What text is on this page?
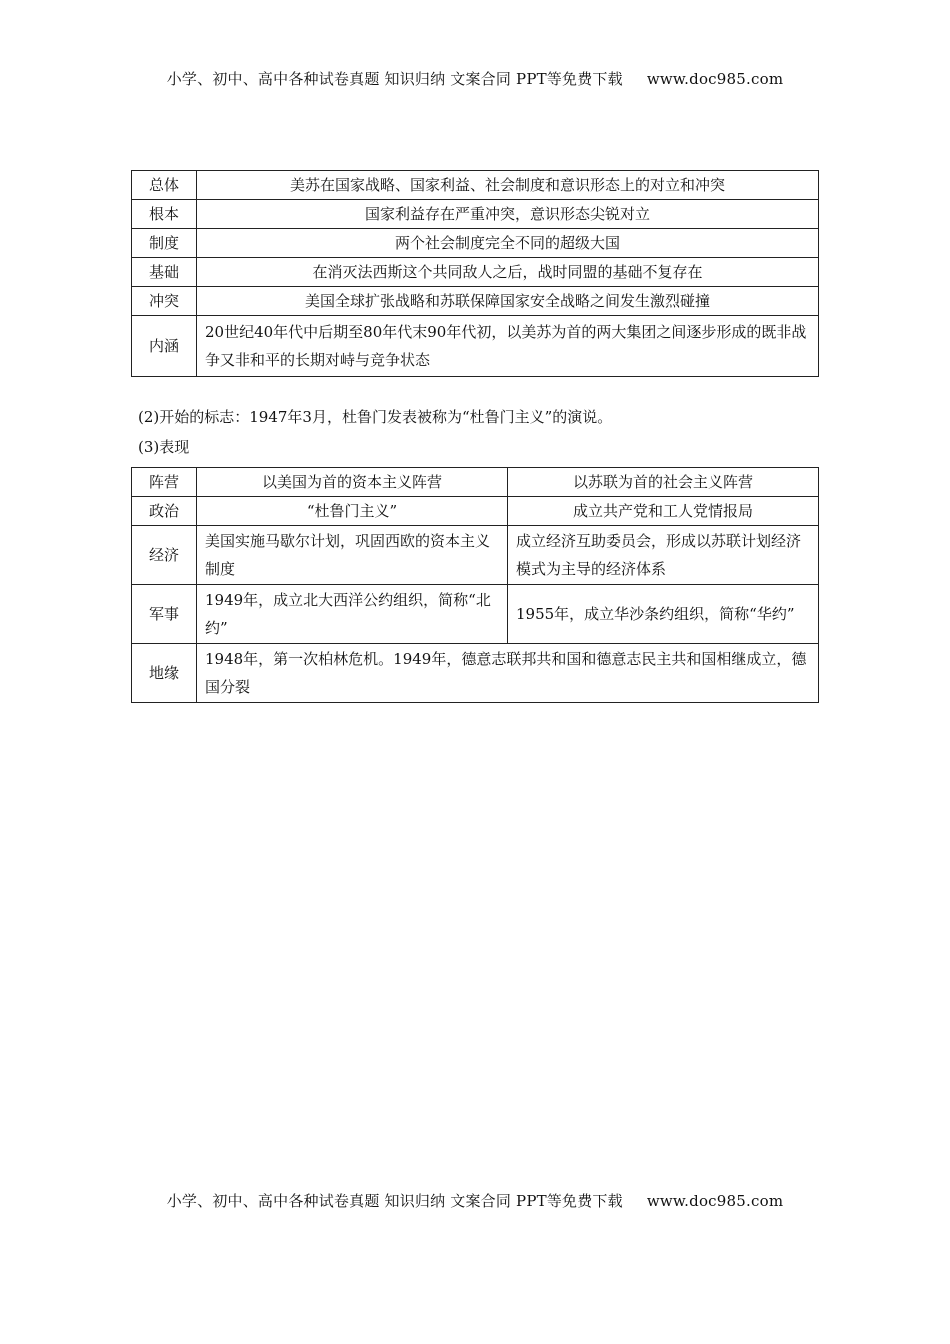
小学、初中、高中各种试卷真题 知识归纳 文案合同 PPT等免费下载 www.doc985.com
总体	美苏在国家战略、国家利益、社会制度和意识形态上的对立和冲突
根本	国家利益存在严重冲突，意识形态尖锐对立
制度	两个社会制度完全不同的超级大国
基础	在消灭法西斯这个共同敌人之后，战时同盟的基础不复存在
冲突	美国全球扩张战略和苏联保障国家安全战略之间发生激烈碰撞
内涵	20世纪40年代中后期至80年代末90年代初，以美苏为首的两大集团之间逐步形成的既非战争又非和平的长期对峙与竞争状态
(2)开始的标志：1947年3月，杜鲁门发表被称为“杜鲁门主义”的演说。
(3)表现
阵营	以美国为首的资本主义阵营	以苏联为首的社会主义阵营
政治	“杜鲁门主义”	成立共产党和工人党情报局
经济	美国实施马歇尔计划，巩固西欧的资本主义制度	成立经济互助委员会，形成以苏联计划经济模式为主导的经济体系
军事	1949年，成立北大西洋公约组织，简称“北约”	1955年，成立华沙条约组织，简称“华约”
地缘	1948年，第一次柏林危机。1949年，德意志联邦共和国和德意志民主共和国相继成立，德国分裂	
小学、初中、高中各种试卷真题 知识归纳 文案合同 PPT等免费下载 www.doc985.com
